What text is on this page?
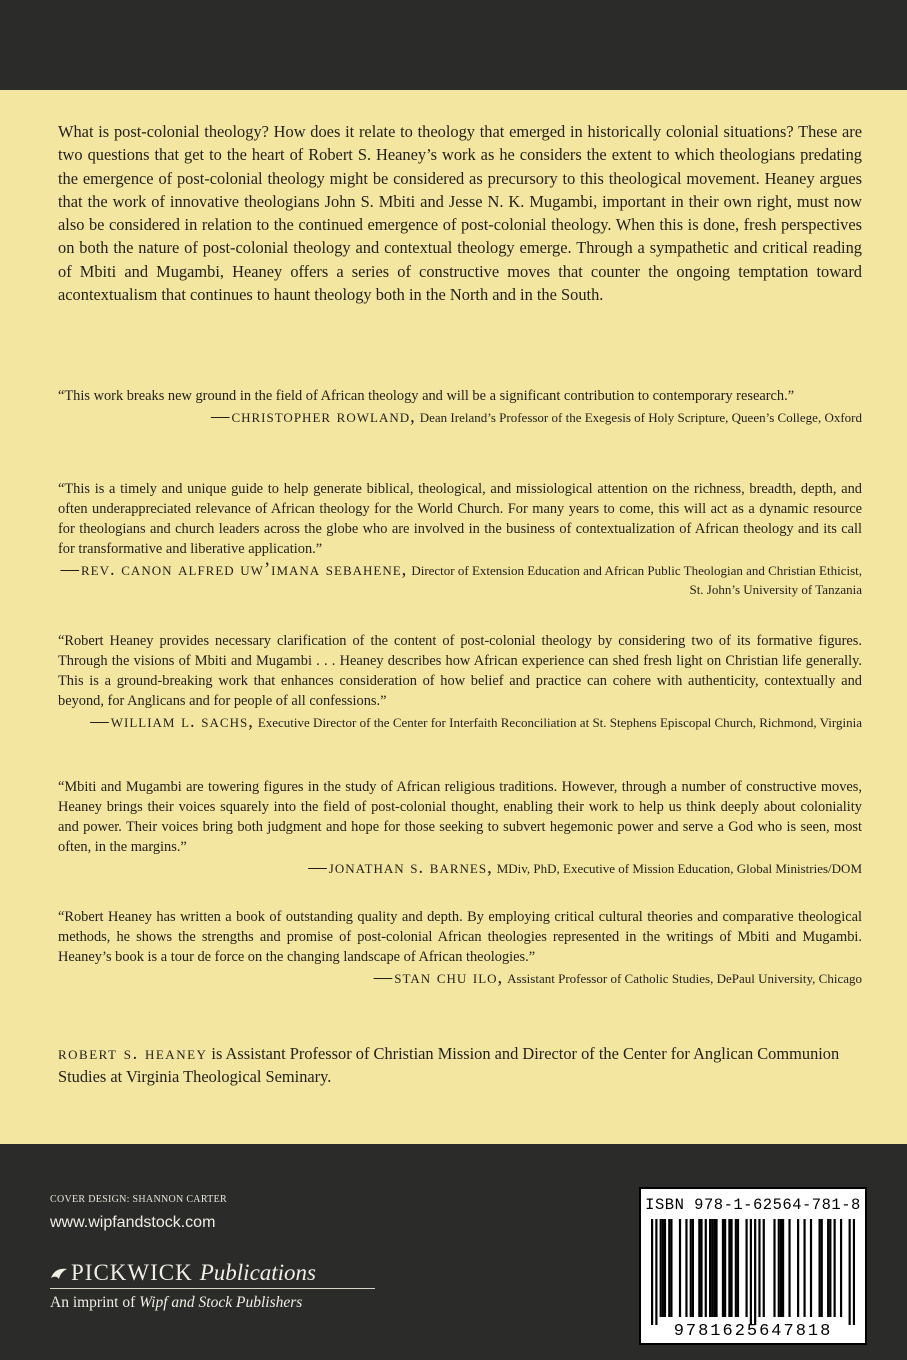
What is post-colonial theology? How does it relate to theology that emerged in historically colonial situations? These are two questions that get to the heart of Robert S. Heaney’s work as he considers the extent to which theologians predating the emergence of post-colonial theology might be considered as precursory to this theological movement. Heaney argues that the work of innovative theologians John S. Mbiti and Jesse N. K. Mugambi, important in their own right, must now also be considered in relation to the continued emergence of post-colonial theology. When this is done, fresh perspectives on both the nature of post-colonial theology and contextual theology emerge. Through a sympathetic and critical reading of Mbiti and Mugambi, Heaney offers a series of constructive moves that counter the ongoing temptation toward acontextualism that continues to haunt theology both in the North and in the South.

“This work breaks new ground in the field of African theology and will be a significant contribution to contemporary research.”

— christopher rowland, Dean Ireland’s Professor of the Exegesis of Holy Scripture, Queen’s College, Oxford

“This is a timely and unique guide to help generate biblical, theological, and missiological attention on the richness, breadth, depth, and often underappreciated relevance of African theology for the World Church. For many years to come, this will act as a dynamic resource for theologians and church leaders across the globe who are involved in the business of contextualization of African theology and its call for transformative and liberative application.”

— rev. canon alfred uw’imana sebahene, Director of Extension Education and African Public Theologian and Christian Ethicist, St. John’s University of Tanzania

“Robert Heaney provides necessary clarification of the content of post-colonial theology by considering two of its formative figures. Through the visions of Mbiti and Mugambi . . . Heaney describes how African experience can shed fresh light on Christian life generally. This is a ground-breaking work that enhances consideration of how belief and practice can cohere with authenticity, contextually and beyond, for Anglicans and for people of all confessions.”

— william l. sachs, Executive Director of the Center for Interfaith Reconciliation at St. Stephens Episcopal Church, Richmond, Virginia

“Mbiti and Mugambi are towering figures in the study of African religious traditions. However, through a number of constructive moves, Heaney brings their voices squarely into the field of post-colonial thought, enabling their work to help us think deeply about coloniality and power. Their voices bring both judgment and hope for those seeking to subvert hegemonic power and serve a God who is seen, most often, in the margins.”

— jonathan s. barnes, MDiv, PhD, Executive of Mission Education, Global Ministries/DOM

“Robert Heaney has written a book of outstanding quality and depth. By employing critical cultural theories and comparative theological methods, he shows the strengths and promise of post-colonial African theologies represented in the writings of Mbiti and Mugambi. Heaney’s book is a tour de force on the changing landscape of African theologies.”

— stan chu ilo, Assistant Professor of Catholic Studies, DePaul University, Chicago

robert s. heaney is Assistant Professor of Christian Mission and Director of the Center for Anglican Communion Studies at Virginia Theological Seminary.

COVER DESIGN: SHANNON CARTER
www.wipfandstock.com
PICKWICK Publications
An imprint of Wipf and Stock Publishers
ISBN 978-1-62564-781-8
9781625647818
